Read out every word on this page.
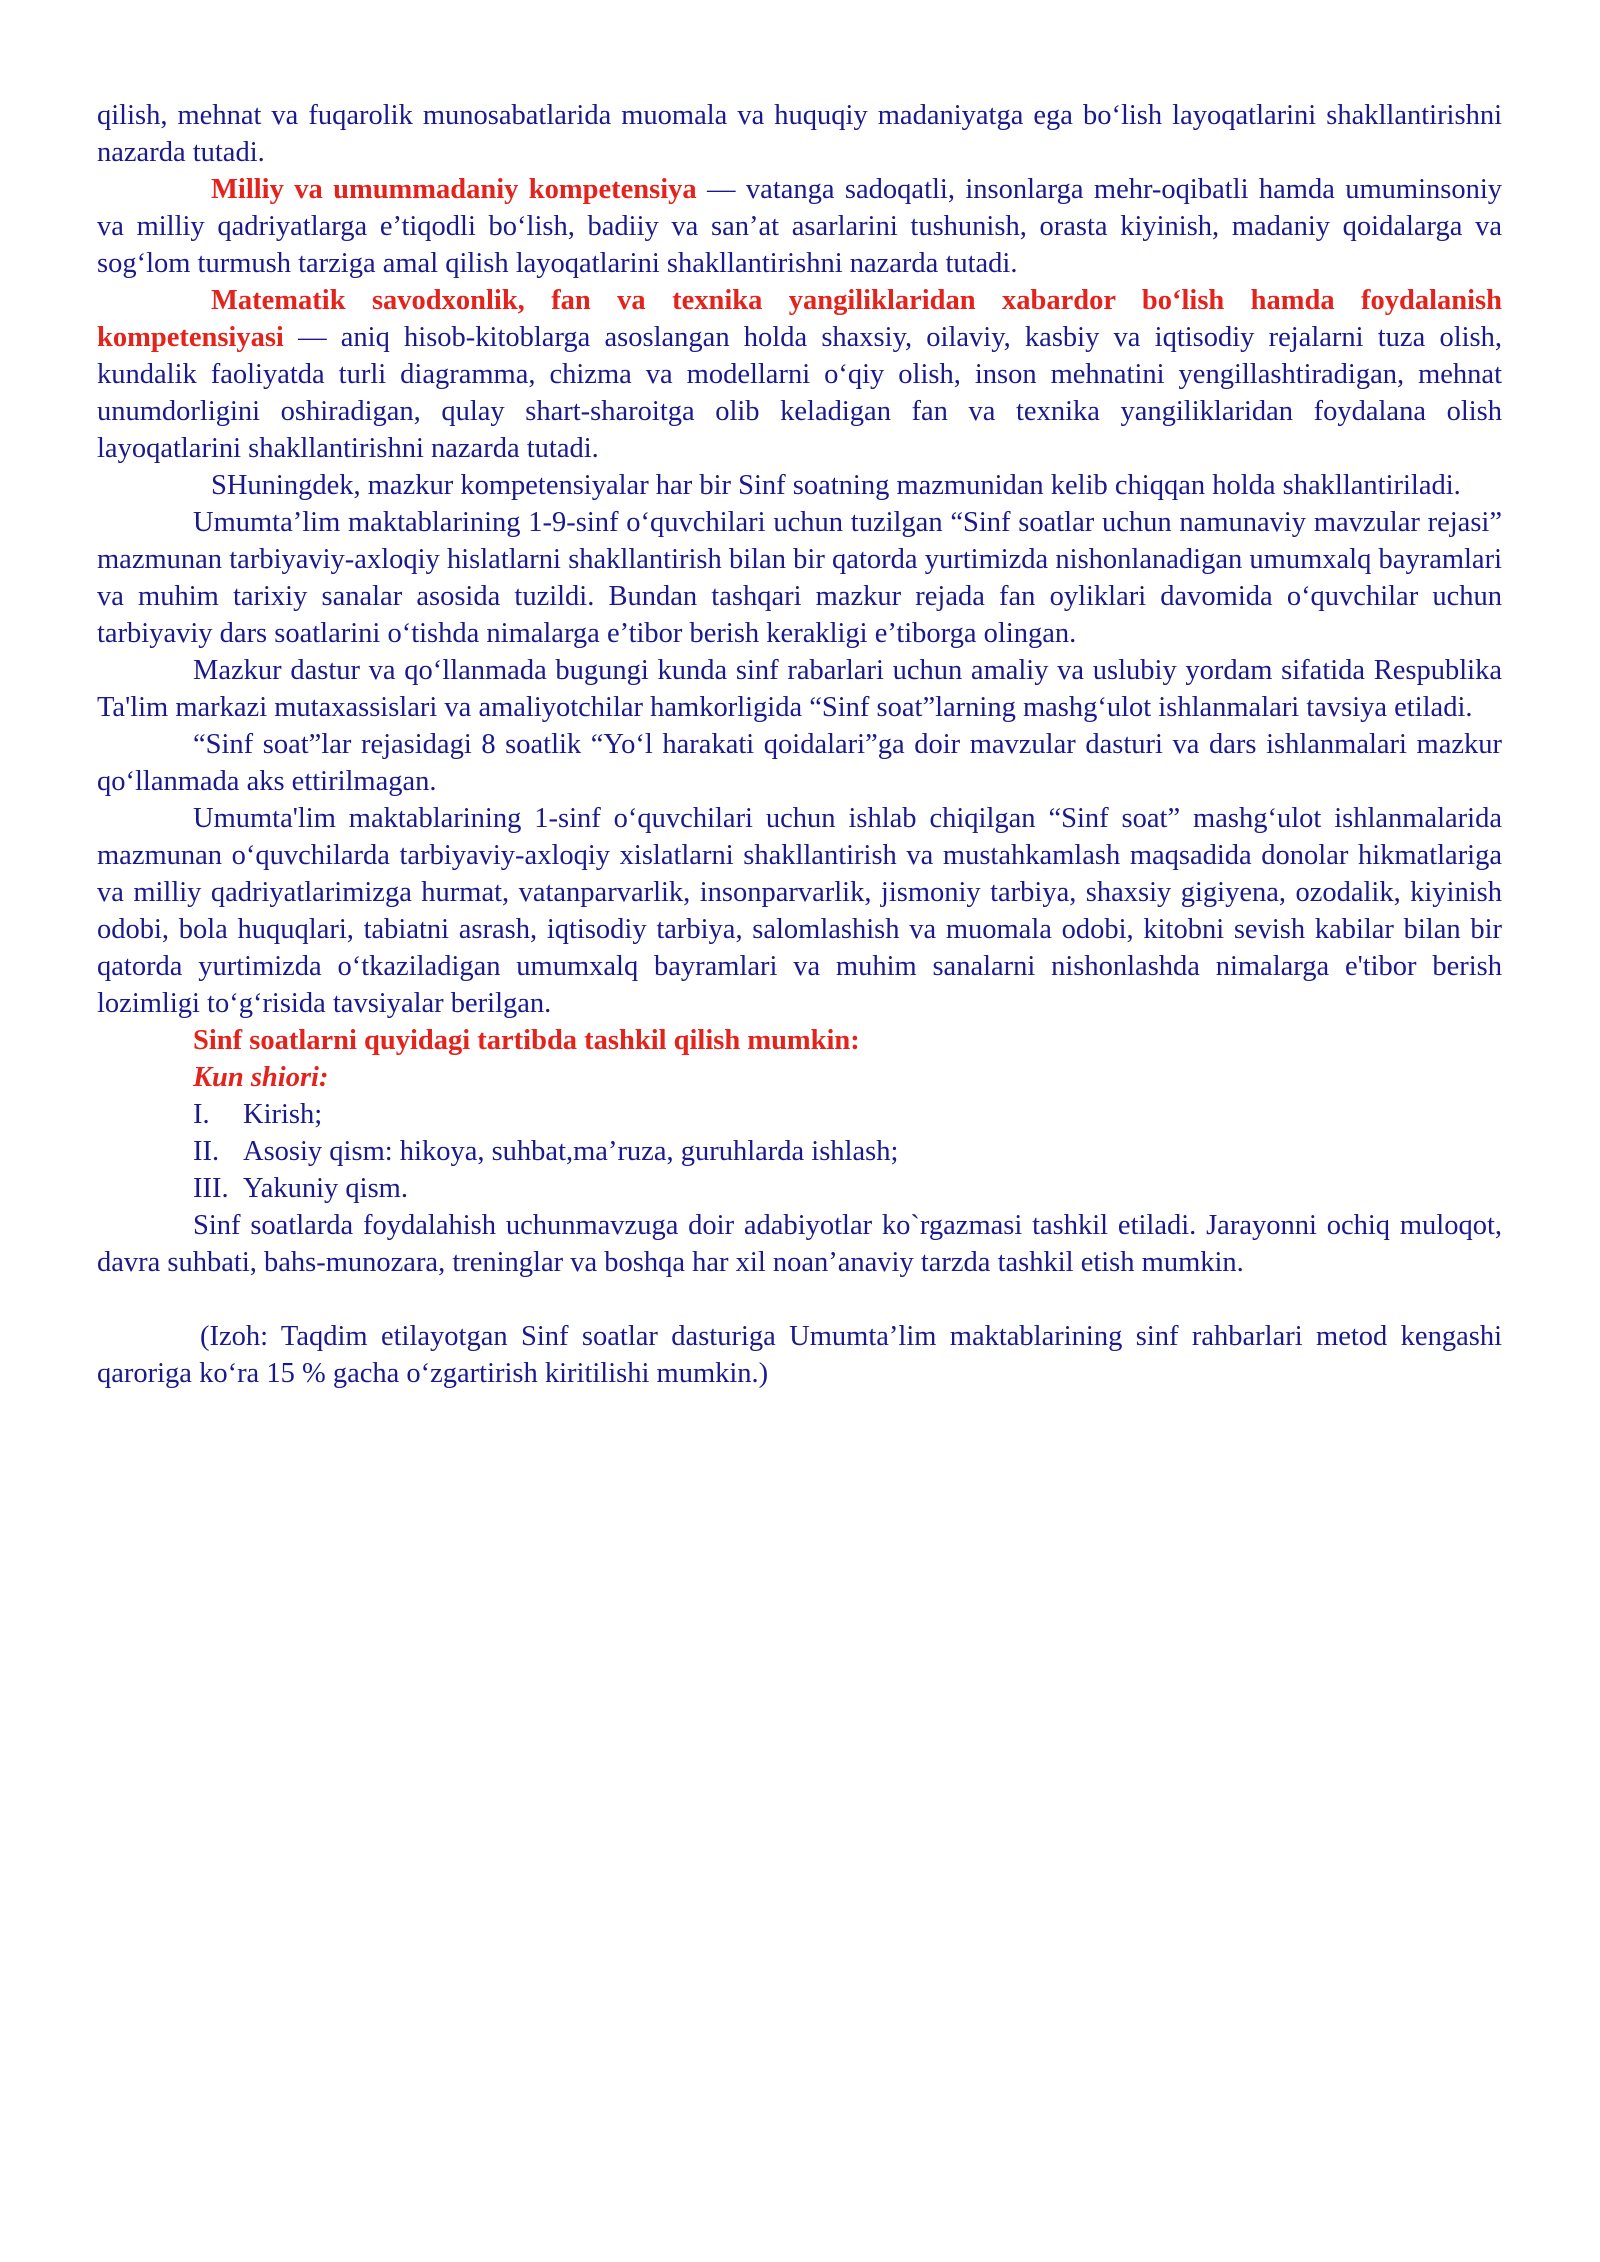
qilish, mehnat va fuqarolik munosabatlarida muomala va huquqiy madaniyatga ega bo‘lish layoqatlarini shakllantirishni nazarda tutadi.

Milliy va umummadaniy kompetensiya — vatanga sadoqatli, insonlarga mehr-oqibatli hamda umuminsoniy va milliy qadriyatlarga e’tiqodli bo‘lish, badiiy va san’at asarlarini tushunish, orasta kiyinish, madaniy qoidalarga va sog‘lom turmush tarziga amal qilish layoqatlarini shakllantirishni nazarda tutadi.

Matematik savodxonlik, fan va texnika yangiliklaridan xabardor bo‘lish hamda foydalanish kompetensiyasi — aniq hisob-kitoblarga asoslangan holda shaxsiy, oilaviy, kasbiy va iqtisodiy rejalarni tuza olish, kundalik faoliyatda turli diagramma, chizma va modellarni o‘qiy olish, inson mehnatini yengillashtiradigan, mehnat unumdorligini oshiradigan, qulay shart-sharoitga olib keladigan fan va texnika yangiliklaridan foydalana olish layoqatlarini shakllantirishni nazarda tutadi.

SHuningdek, mazkur kompetensiyalar har bir Sinf soatning mazmunidan kelib chiqqan holda shakllantiriladi.

Umumta’lim maktablarining 1-9-sinf o‘quvchilari uchun tuzilgan “Sinf soatlar uchun namunaviy mavzular rejasi” mazmunan tarbiyaviy-axloqiy hislatlarni shakllantirish bilan bir qatorda yurtimizda nishonlanadigan umumxalq bayramlari va muhim tarixiy sanalar asosida tuzildi. Bundan tashqari mazkur rejada fan oyliklari davomida o‘quvchilar uchun tarbiyaviy dars soatlarini o‘tishda nimalarga e’tibor berish kerakligi e’tiborga olingan.

Mazkur dastur va qo‘llanmada bugungi kunda sinf rabarlari uchun amaliy va uslubiy yordam sifatida Respublika Ta'lim markazi mutaxassislari va amaliyotchilar hamkorligida “Sinf soat”larning mashg‘ulot ishlanmalari tavsiya etiladi.

“Sinf soat”lar rejasidagi 8 soatlik “Yo‘l harakati qoidalari”ga doir mavzular dasturi va dars ishlanmalari mazkur qo‘llanmada aks ettirilmagan.

Umumta'lim maktablarining 1-sinf o‘quvchilari uchun ishlab chiqilgan “Sinf soat” mashg‘ulot ishlanmalarida mazmunan o‘quvchilarda tarbiyaviy-axloqiy xislatlarni shakllantirish va mustahkamlash maqsadida donolar hikmatlariga va milliy qadriyatlarimizga hurmat, vatanparvarlik, insonparvarlik, jismoniy tarbiya, shaxsiy gigiyena, ozodalik, kiyinish odobi, bola huquqlari, tabiatni asrash, iqtisodiy tarbiya, salomlashish va muomala odobi, kitobni sevish kabilar bilan bir qatorda yurtimizda o‘tkaziladigan umumxalq bayramlari va muhim sanalarni nishonlashda nimalarga e'tibor berish lozimligi to‘g‘risida tavsiyalar berilgan.

Sinf soatlarni quyidagi tartibda tashkil qilish mumkin:

Kun shiori:

I. Kirish;
II. Asosiy qism: hikoya, suhbat,ma’ruza, guruhlarda ishlash;
III. Yakuniy qism.

Sinf soatlarda foydalahish uchunmavzuga doir adabiyotlar ko`rgazmasi tashkil etiladi. Jarayonni ochiq muloqot, davra suhbati, bahs-munozara, treninglar va boshqa har xil noan’anaviy tarzda tashkil etish mumkin.

(Izoh: Taqdim etilayotgan Sinf soatlar dasturiga Umumta’lim maktablarining sinf rahbarlari metod kengashi qaroriga ko‘ra 15 % gacha o‘zgartirish kiritilishi mumkin.)
